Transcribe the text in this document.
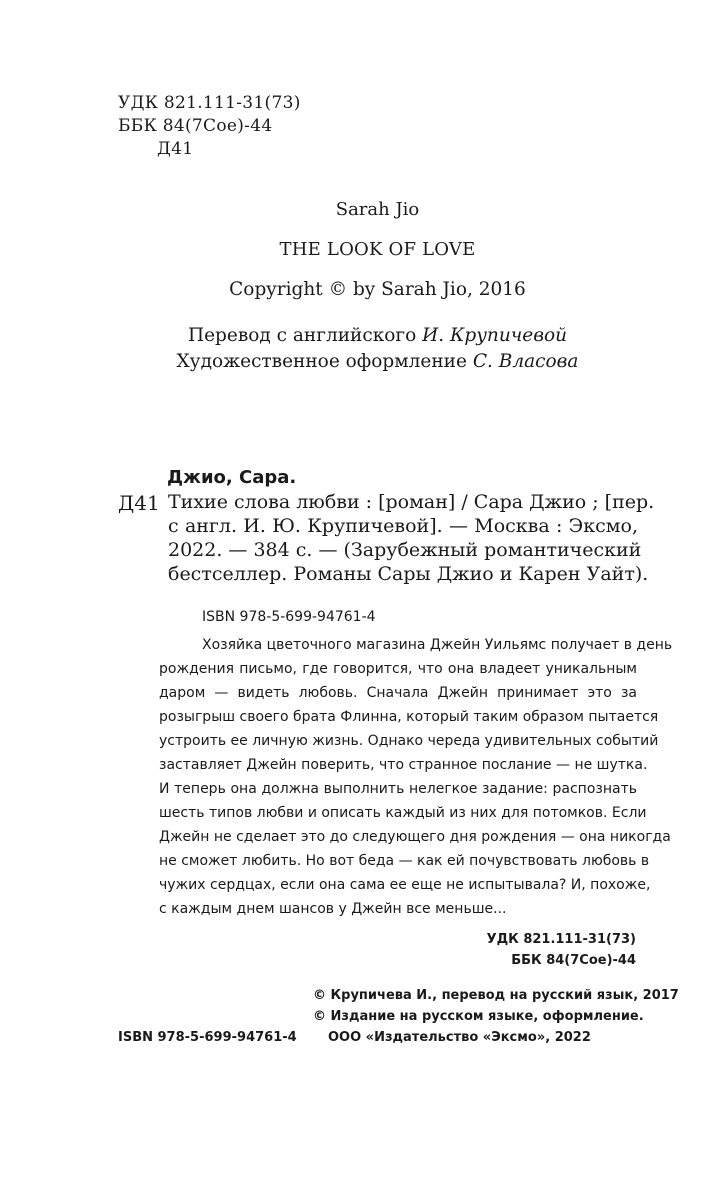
УДК 821.111-31(73)
ББК 84(7Сое)-44
Д41
Sarah Jio
THE LOOK OF LOVE
Copyright © by Sarah Jio, 2016
Перевод с английского И. Крупичевой
Художественное оформление С. Власова
Джио, Сара.
Д41 Тихие слова любви : [роман] / Сара Джио ; [пер.
с англ. И. Ю. Крупичевой]. — Москва : Эксмо,
2022. — 384 с. — (Зарубежный романтический
бестселлер. Романы Сары Джио и Карен Уайт).
ISBN 978-5-699-94761-4
Хозяйка цветочного магазина Джейн Уильямс получает в день
рождения письмо, где говорится, что она владеет уникальным
даром — видеть любовь. Сначала Джейн принимает это за
розыгрыш своего брата Флинна, который таким образом пытается
устроить ее личную жизнь. Однако череда удивительных событий
заставляет Джейн поверить, что странное послание — не шутка.
И теперь она должна выполнить нелегкое задание: распознать
шесть типов любви и описать каждый из них для потомков. Если
Джейн не сделает это до следующего дня рождения — она никогда
не сможет любить. Но вот беда — как ей почувствовать любовь в
чужих сердцах, если она сама ее еще не испытывала? И, похоже,
с каждым днем шансов у Джейн все меньше...
УДК 821.111-31(73)
ББК 84(7Сое)-44
© Крупичева И., перевод на русский язык, 2017
© Издание на русском языке, оформление.
ISBN 978-5-699-94761-4 ООО «Издательство «Эксмо», 2022
